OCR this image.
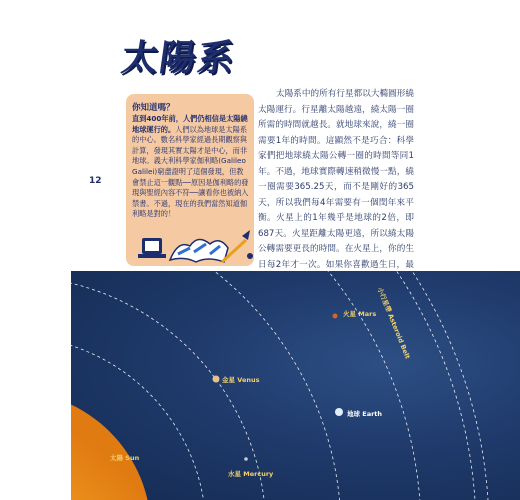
太陽系
12
你知道嗎？
直到400年前，人們仍相信是太陽繞地球運行的。人們以為地球是太陽系的中心。數名科學家經過長期觀察與計算，發現其實太陽才是中心，而非地球。義大利科學家伽利略(Galileo Galilei)窮盡證明了這個發現，但教會禁止這一觀點──原因是伽利略的發現與聖經內容不符──讓看你也被納入禁書。不過，現在的我們當然知道伽利略是對的！
太陽系中的所有行星都以大橢圓形繞太陽運行。行星離太陽越遠，繞太陽一圈所需的時間就越長。就地球來說，繞一圈需要1年的時間。這顯然不是巧合：科學家們把地球繞太陽公轉一圈的時間等同1年。不過，地球實際轉速稍微慢一點，繞一圈需要365.25天，而不是剛好的365天，所以我們每4年需要有一個閏年來平衡。火星上的1年幾乎是地球的2倍，即687天。火星距離太陽更遠，所以繞太陽公轉需要更長的時間。在火星上，你的生日每2年才一次。如果你喜歡過生日，最
火星 Mars
金星 Venus
地球 Earth
太陽 Sun
水星 Mercury
小行星帶 Asteroid Belt
